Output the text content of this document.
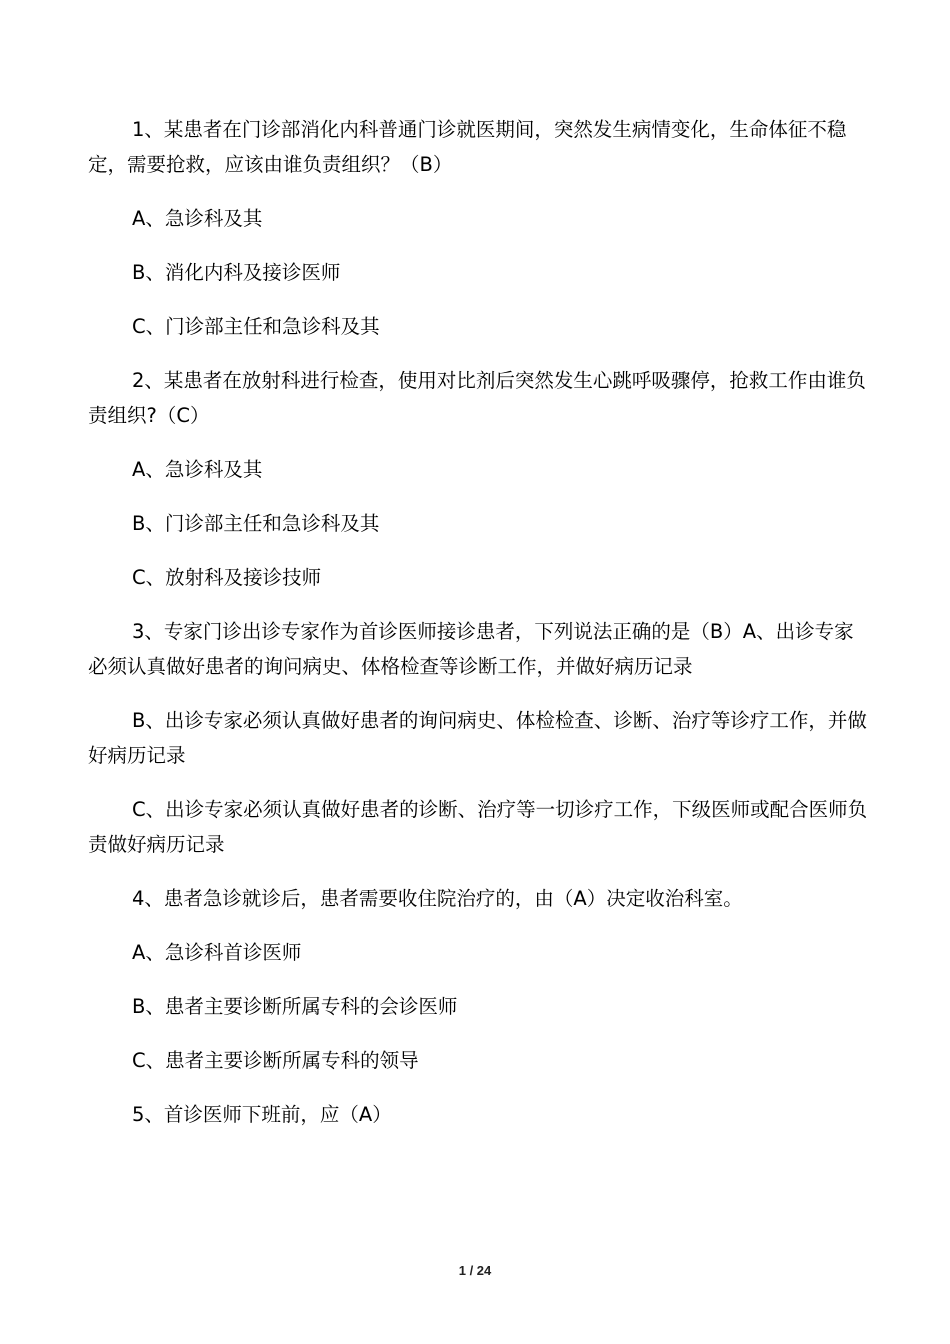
1、某患者在门诊部消化内科普通门诊就医期间，突然发生病情变化，生命体征不稳定，需要抢救，应该由谁负责组织？（B）

A、急诊科及其

B、消化内科及接诊医师

C、门诊部主任和急诊科及其

2、某患者在放射科进行检查，使用对比剂后突然发生心跳呼吸骤停，抢救工作由谁负责组织?（C）

A、急诊科及其

B、门诊部主任和急诊科及其

C、放射科及接诊技师

3、专家门诊出诊专家作为首诊医师接诊患者，下列说法正确的是（B）A、出诊专家必须认真做好患者的询问病史、体格检查等诊断工作，并做好病历记录

B、出诊专家必须认真做好患者的询问病史、体检检查、诊断、治疗等诊疗工作，并做好病历记录

C、出诊专家必须认真做好患者的诊断、治疗等一切诊疗工作，下级医师或配合医师负责做好病历记录

4、患者急诊就诊后，患者需要收住院治疗的，由（A）决定收治科室。

A、急诊科首诊医师

B、患者主要诊断所属专科的会诊医师

C、患者主要诊断所属专科的领导

5、首诊医师下班前，应（A）

1 / 24
